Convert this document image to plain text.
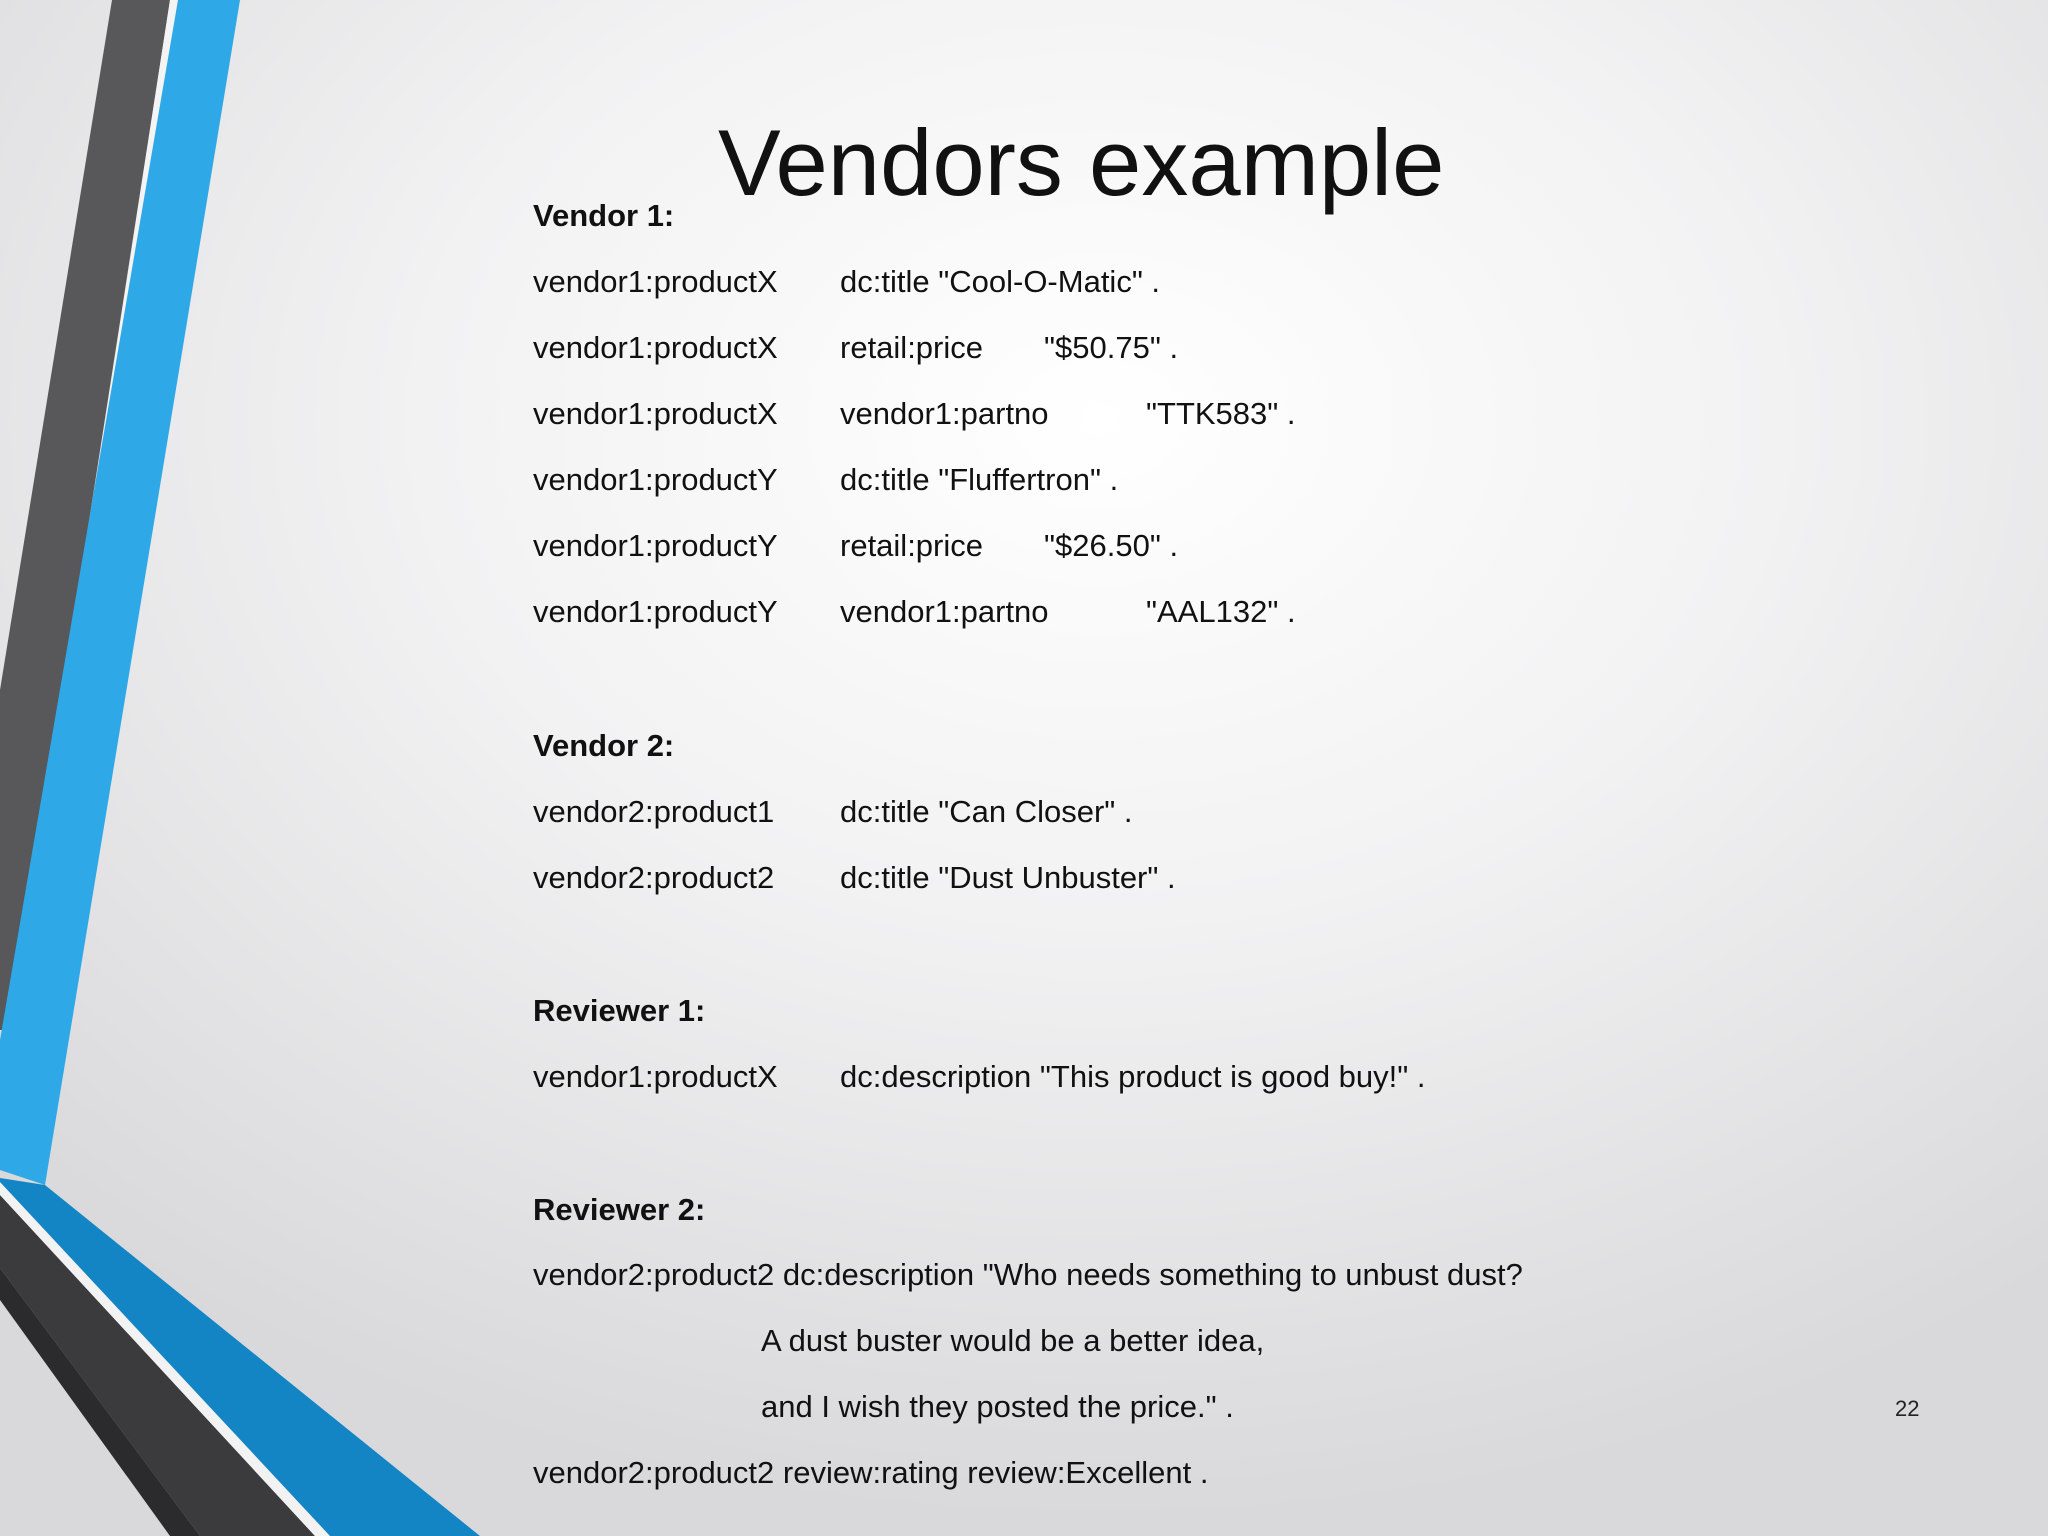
Vendors example
Vendor 1:
vendor1:productX dc:title "Cool-O-Matic" .
vendor1:productX retail:price "$50.75" .
vendor1:productX vendor1:partno	"TTK583" .
vendor1:productY dc:title "Fluffertron" .
vendor1:productY retail:price "$26.50" .
vendor1:productY vendor1:partno	"AAL132" .
Vendor 2:
vendor2:product1 dc:title "Can Closer" .
vendor2:product2 dc:title "Dust Unbuster" .
Reviewer 1:
vendor1:productX dc:description "This product is good buy!" .
Reviewer 2:
vendor2:product2 dc:description "Who needs something to unbust dust?
A dust buster would be a better idea,
and I wish they posted the price." .
vendor2:product2 review:rating review:Excellent .
22
